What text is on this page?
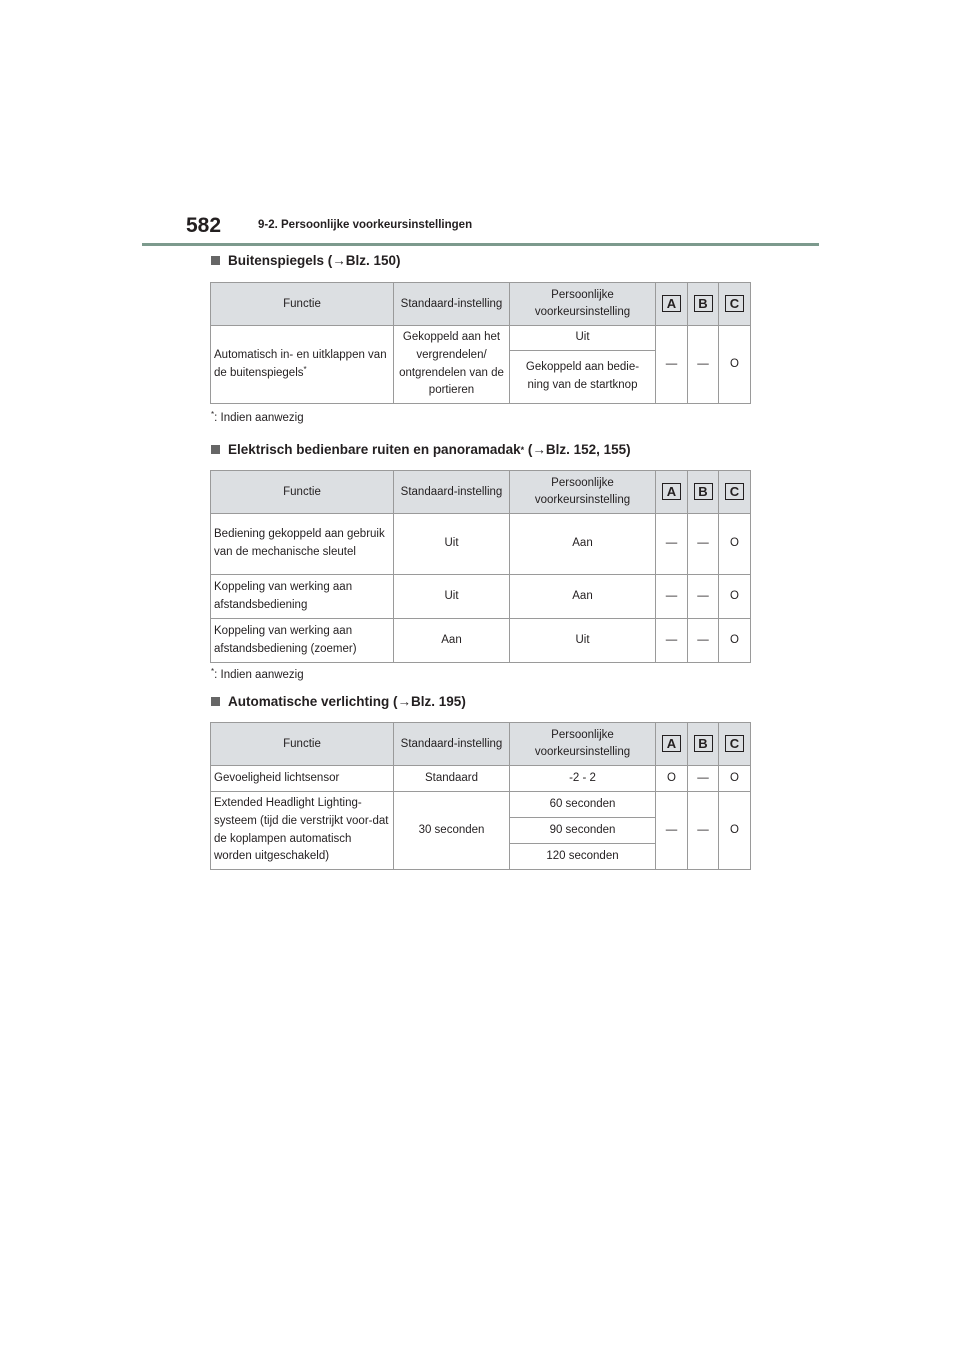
582	9-2. Persoonlijke voorkeursinstellingen
Buitenspiegels (→Blz. 150)
Functie	Standaard-instelling	Persoonlijke voorkeursinstelling	A	B	C
Automatisch in- en uitklappen van de buitenspiegels*	Gekoppeld aan het vergrendelen/ ontgrendelen van de portieren	Uit	—	—	O
		Gekoppeld aan bedie- ning van de startknop			
*: Indien aanwezig
Elektrisch bedienbare ruiten en panoramadak * (→Blz. 152, 155)
Functie	Standaard-instelling	Persoonlijke voorkeursinstelling	A	B	C
Bediening gekoppeld aan gebruik van de mechanische sleutel	Uit	Aan	—	—	O
Koppeling van werking aan afstandsbediening	Uit	Aan	—	—	O
Koppeling van werking aan afstandsbediening (zoemer)	Aan	Uit	—	—	O
*: Indien aanwezig
Automatische verlichting (→Blz. 195)
Functie	Standaard-instelling	Persoonlijke voorkeursinstelling	A	B	C
Gevoeligheid lichtsensor	Standaard	-2 - 2	O	—	O
Extended Headlight Lighting-systeem (tijd die verstrijkt voor-dat de koplampen automatisch worden uitgeschakeld)	30 seconden	60 seconden	—	—	O
		90 seconden			
		120 seconden			
